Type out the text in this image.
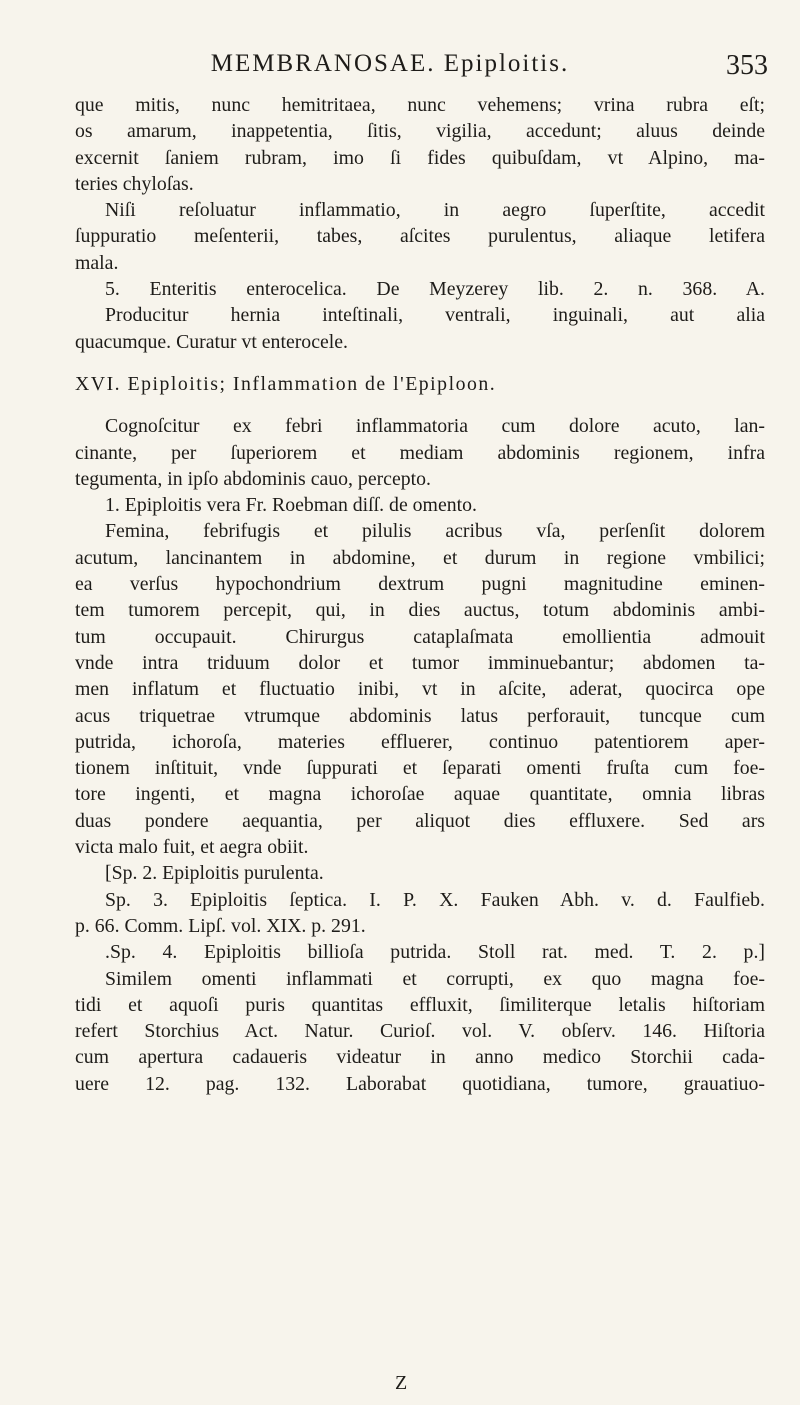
MEMBRANOSAE. Epiploitis.	353
que mitis, nunc hemitritaea, nunc vehemens; vrina rubra eſt;
os amarum, inappetentia, ſitis, vigilia, accedunt; aluus deinde
excernit ſaniem rubram, imo ſi fides quibuſdam, vt Alpino, ma-
teries chyloſas.
Niſi reſoluatur inflammatio, in aegro ſuperſtite, accedit
ſuppuratio meſenterii, tabes, aſcites purulentus, aliaque letifera
mala.
5. Enteritis enterocelica. De Meyzerey lib. 2. n. 368. A.
Producitur hernia inteſtinali, ventrali, inguinali, aut alia
quacumque. Curatur vt enterocele.
XVI. Epiploitis; Inflammation de l'Epiploon.
Cognoſcitur ex febri inflammatoria cum dolore acuto, lan-
cinante, per ſuperiorem et mediam abdominis regionem, infra
tegumenta, in ipſo abdominis cauo, percepto.
1. Epiploitis vera Fr. Roebman diſſ. de omento.
Femina, febrifugis et pilulis acribus vſa, perſenſit dolorem
acutum, lancinantem in abdomine, et durum in regione vmbilici;
ea verſus hypochondrium dextrum pugni magnitudine eminen-
tem tumorem percepit, qui, in dies auctus, totum abdominis ambi-
tum occupauit. Chirurgus cataplaſmata emollientia admouit
vnde intra triduum dolor et tumor imminuebantur; abdomen ta-
men inflatum et fluctuatio inibi, vt in aſcite, aderat, quocirca ope
acus triquetrae vtrumque abdominis latus perforauit, tuncque cum
putrida, ichoroſa, materies effluerer, continuo patentiorem aper-
tionem inſtituit, vnde ſuppurati et ſeparati omenti fruſta cum foe-
tore ingenti, et magna ichoroſae aquae quantitate, omnia libras
duas pondere aequantia, per aliquot dies effluxere. Sed ars
victa malo fuit, et aegra obiit.
[Sp. 2. Epiploitis purulenta.
Sp. 3. Epiploitis ſeptica. I. P. X. Fauken Abh. v. d. Faulfieb.
p. 66. Comm. Lipſ. vol. XIX. p. 291.
.Sp. 4. Epiploitis billioſa putrida. Stoll rat. med. T. 2. p.]
Similem omenti inflammati et corrupti, ex quo magna foe-
tidi et aquoſi puris quantitas effluxit, ſimiliterque letalis hiſtoriam
refert Storchius Act. Natur. Curioſ. vol. V. obſerv. 146. Hiſtoria
cum apertura cadaueris videatur in anno medico Storchii cada-
uere 12. pag. 132. Laborabat quotidiana, tumore, grauatiuo-
Z
